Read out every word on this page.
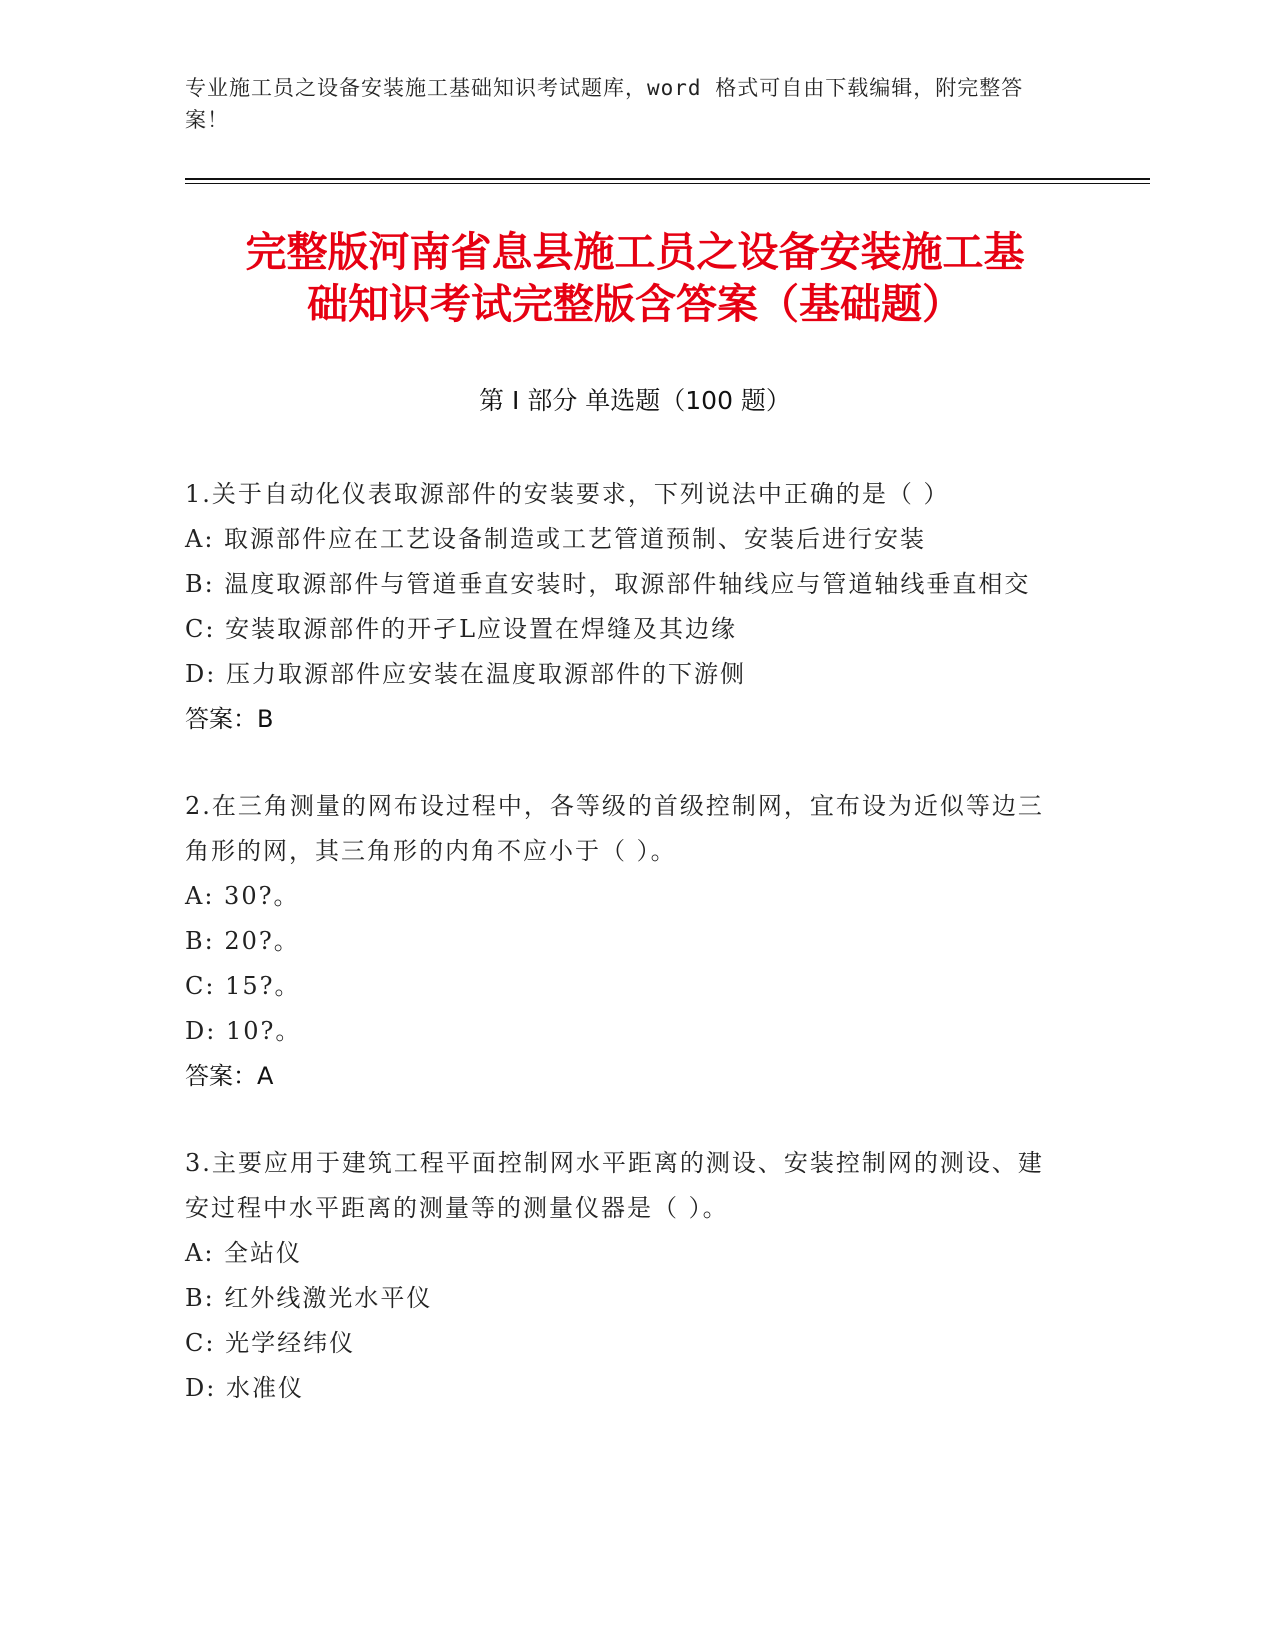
专业施工员之设备安装施工基础知识考试题库，word 格式可自由下载编辑，附完整答案！
完整版河南省息县施工员之设备安装施工基
础知识考试完整版含答案（基础题）
第 I 部分 单选题（100 题）

1.关于自动化仪表取源部件的安装要求，下列说法中正确的是（ ）

A: 取源部件应在工艺设备制造或工艺管道预制、安装后进行安装

B: 温度取源部件与管道垂直安装时，取源部件轴线应与管道轴线垂直相交

C: 安装取源部件的开孑L应设置在焊缝及其边缘

D: 压力取源部件应安装在温度取源部件的下游侧

答案：B

2.在三角测量的网布设过程中，各等级的首级控制网，宜布设为近似等边三角形的网，其三角形的内角不应小于（ ）。

A: 30?。

B: 20?。

C: 15?。

D: 10?。

答案：A

3.主要应用于建筑工程平面控制网水平距离的测设、安装控制网的测设、建安过程中水平距离的测量等的测量仪器是（ ）。

A: 全站仪

B: 红外线激光水平仪

C: 光学经纬仪

D: 水准仪
